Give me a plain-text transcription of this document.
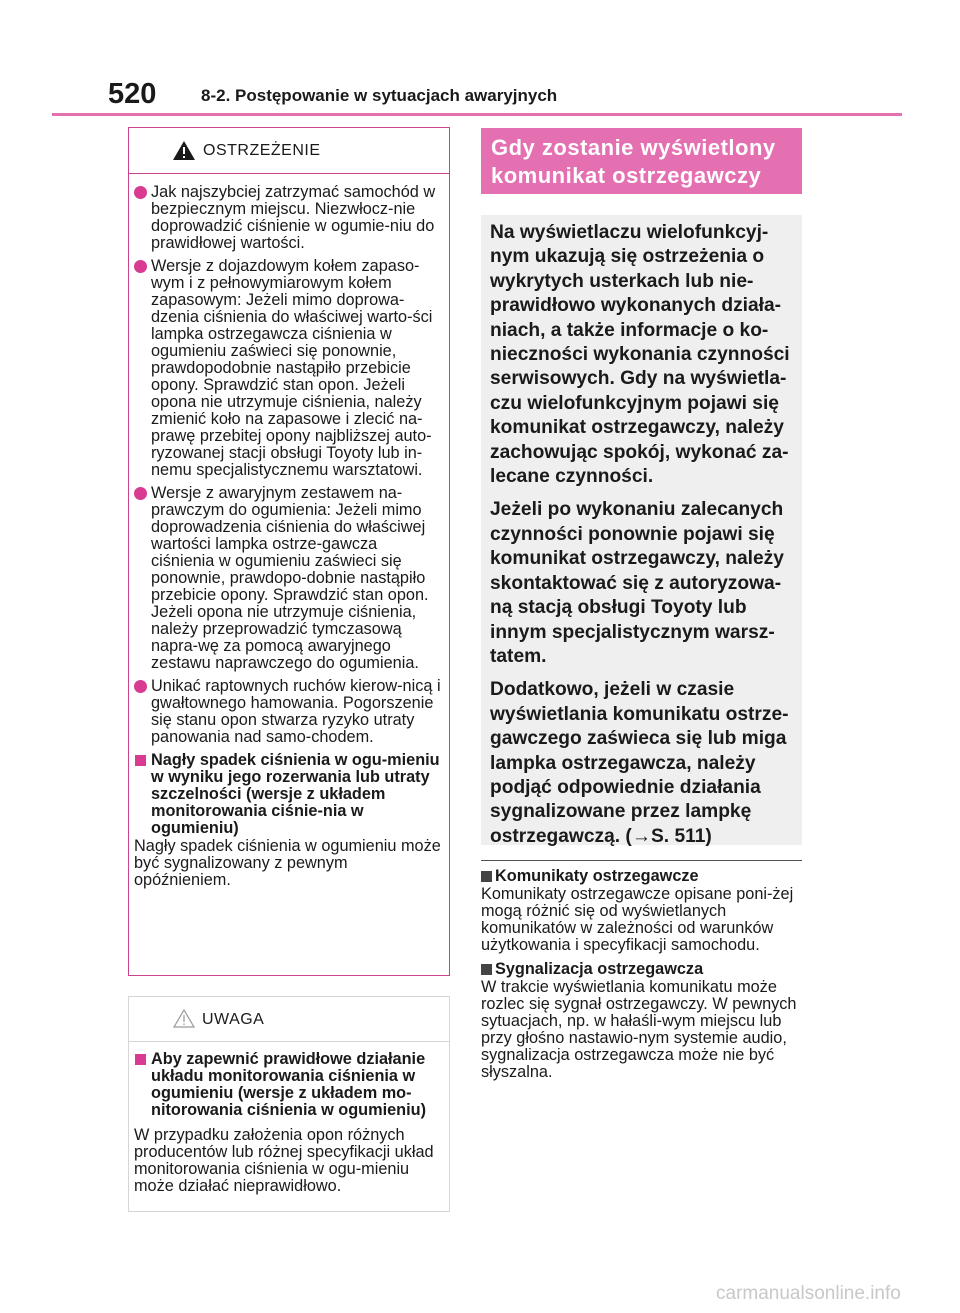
520	8-2. Postępowanie w sytuacjach awaryjnych
OSTRZEŻENIE
Jak najszybciej zatrzymać samochód w bezpiecznym miejscu. Niezwłocz-nie doprowadzić ciśnienie w ogumie-niu do prawidłowej wartości.
Wersje z dojazdowym kołem zapaso-wym i z pełnowymiarowym kołem zapasowym: Jeżeli mimo doprowa-dzenia ciśnienia do właściwej warto-ści lampka ostrzegawcza ciśnienia w ogumieniu zaświeci się ponownie, prawdopodobnie nastąpiło przebicie opony. Sprawdzić stan opon. Jeżeli opona nie utrzymuje ciśnienia, należy zmienić koło na zapasowe i zlecić na-prawę przebitej opony najbliższej auto-ryzowanej stacji obsługi Toyoty lub in-nemu specjalistycznemu warsztatowi.
Wersje z awaryjnym zestawem na-prawczym do ogumienia: Jeżeli mimo doprowadzenia ciśnienia do właściwej wartości lampka ostrze-gawcza ciśnienia w ogumieniu zaświeci się ponownie, prawdopo-dobnie nastąpiło przebicie opony. Sprawdzić stan opon. Jeżeli opona nie utrzymuje ciśnienia, należy przeprowadzić tymczasową napra-wę za pomocą awaryjnego zestawu naprawczego do ogumienia.
Unikać raptownych ruchów kierow-nicą i gwałtownego hamowania. Pogorszenie się stanu opon stwarza ryzyko utraty panowania nad samo-chodem.
Nagły spadek ciśnienia w ogu-mieniu w wyniku jego rozerwania lub utraty szczelności (wersje z układem monitorowania ciśnie-nia w ogumieniu)

Nagły spadek ciśnienia w ogumieniu może być sygnalizowany z pewnym opóźnieniem.

UWAGA
Aby zapewnić prawidłowe działanie układu monitorowania ciśnienia w ogumieniu (wersje z układem mo-nitorowania ciśnienia w ogumieniu)

W przypadku założenia opon różnych producentów lub różnej specyfikacji układ monitorowania ciśnienia w ogu-mieniu może działać nieprawidłowo.

Gdy zostanie wyświetlony komunikat ostrzegawczy

Na wyświetlaczu wielofunkcyj-nym ukazują się ostrzeżenia o wykrytych usterkach lub nie-prawidłowo wykonanych działa-niach, a także informacje o ko-nieczności wykonania czynności serwisowych. Gdy na wyświetla-czu wielofunkcyjnym pojawi się komunikat ostrzegawczy, należy zachowując spokój, wykonać za-lecane czynności.

Jeżeli po wykonaniu zalecanych czynności ponownie pojawi się komunikat ostrzegawczy, należy skontaktować się z autoryzowa-ną stacją obsługi Toyoty lub innym specjalistycznym warsz-tatem.

Dodatkowo, jeżeli w czasie wyświetlania komunikatu ostrze-gawczego zaświeca się lub miga lampka ostrzegawcza, należy podjąć odpowiednie działania sygnalizowane przez lampkę ostrzegawczą. (→S. 511)

Komunikaty ostrzegawcze

Komunikaty ostrzegawcze opisane poni-żej mogą różnić się od wyświetlanych komunikatów w zależności od warunków użytkowania i specyfikacji samochodu.

Sygnalizacja ostrzegawcza

W trakcie wyświetlania komunikatu może rozlec się sygnał ostrzegawczy. W pewnych sytuacjach, np. w hałaśli-wym miejscu lub przy głośno nastawio-nym systemie audio, sygnalizacja ostrzegawcza może nie być słyszalna.

carmanualsonline.info
